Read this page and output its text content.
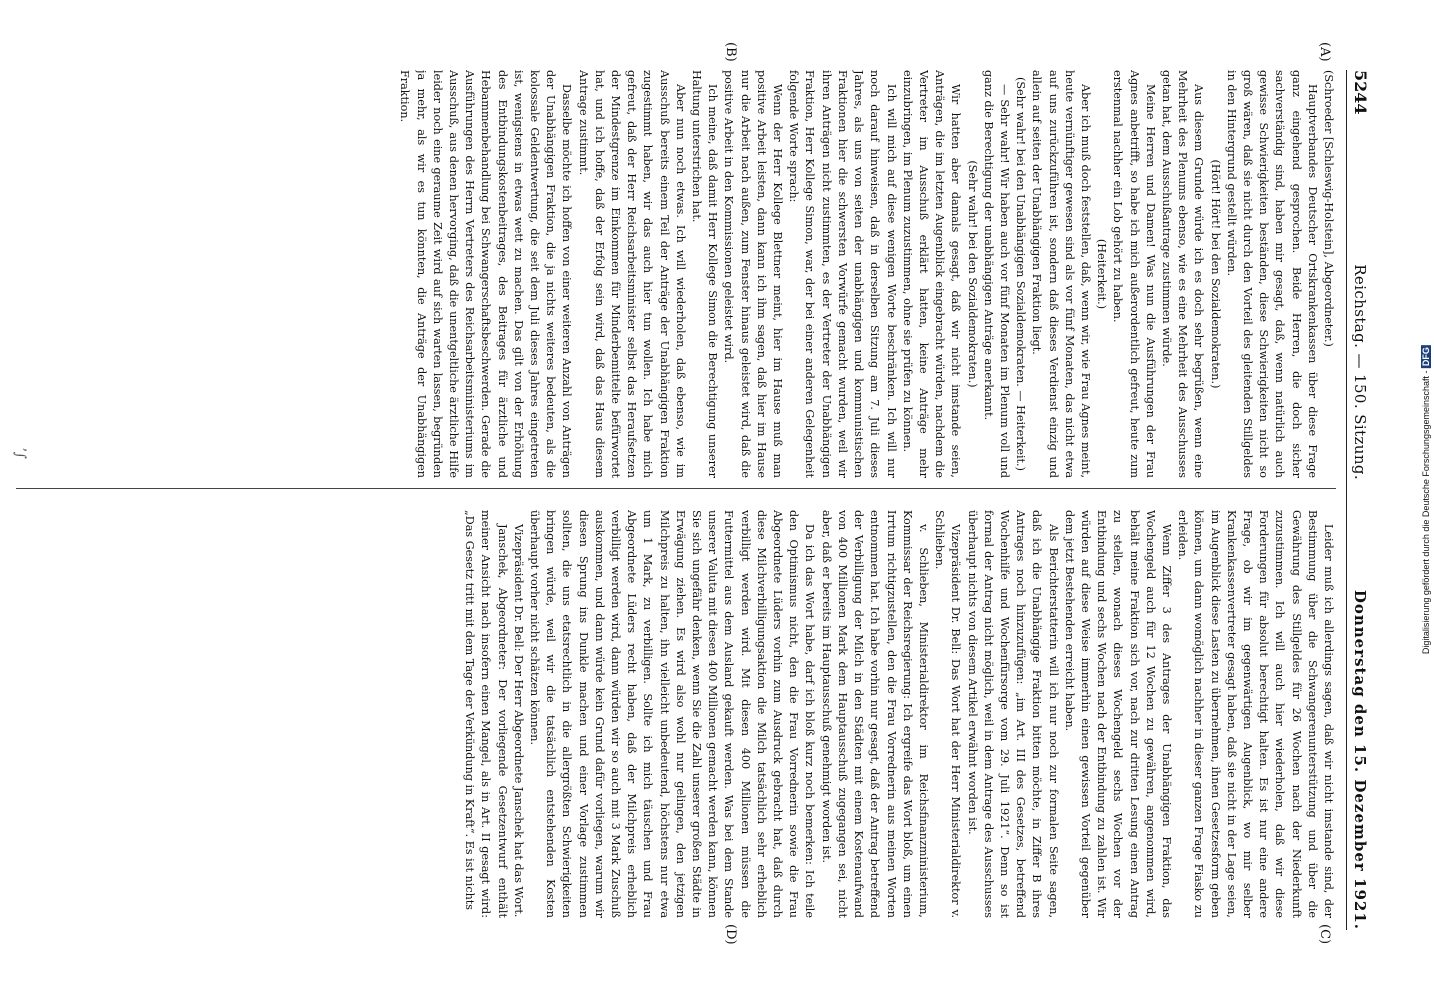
5244
Reichstag. — 150. Sitzung.
Donnerstag den 15. Dezember 1921.
(A)
(B)
(C)
(D)

(Schroeder [Schleswig-Holstein], Abgeordneter.)

Hauptverbandes Deutscher Ortskrankenkassen über diese Frage ganz eingehend gesprochen. Beide Herren, die doch sicher sachverständig sind, haben mir gesagt, daß, wenn natürlich auch gewisse Schwierigkeiten beständen, diese Schwierigkeiten nicht so groß wären, daß sie nicht durch den Vorteil des gleitenden Stillgeldes in den Hintergrund gestellt würden.

(Hört! Hört! bei den Sozialdemokraten.)

Aus diesem Grunde würde ich es doch sehr begrüßen, wenn eine Mehrheit des Plenums ebenso, wie es eine Mehrheit des Ausschusses getan hat, dem Ausschußantrage zustimmen würde.

Meine Herren und Damen! Was nun die Ausführungen der Frau Agnes anbetrifft, so habe ich mich außerordentlich gefreut, heute zum erstenmal nachher ein Lob gehört zu haben.

(Heiterkeit.)

Aber ich muß doch feststellen, daß, wenn wir, wie Frau Agnes meint, heute vernünftiger gewesen sind als vor fünf Monaten, das nicht etwa auf uns zurückzuführen ist, sondern daß dieses Verdienst einzig und allein auf seiten der Unabhängigen Fraktion liegt.

(Sehr wahr! bei den Unabhängigen Sozialdemokraten. — Heiterkeit.)

— Sehr wahr! Wir haben auch vor fünf Monaten im Plenum voll und ganz die Berechtigung der unabhängigen Anträge anerkannt.

(Sehr wahr! bei den Sozialdemokraten.)

Wir hatten aber damals gesagt, daß wir nicht imstande seien, Anträgen, die im letzten Augenblick eingebracht würden, nachdem die Vertreter im Ausschuß erklärt hatten, keine Anträge mehr einzubringen, im Plenum zuzustimmen, ohne sie prüfen zu können.

Ich will mich auf diese wenigen Worte beschränken. Ich will nur noch darauf hinweisen, daß in derselben Sitzung am 7. Juli dieses Jahres, als uns von seiten der unabhängigen und kommunistischen Fraktionen hier die schwersten Vorwürfe gemacht wurden, weil wir ihren Anträgen nicht zustimmten, es der Vertreter der Unabhängigen Fraktion, Herr Kollege Simon, war, der bei einer anderen Gelegenheit folgende Worte sprach:

Wenn der Herr Kollege Blettner meint, hier im Hause muß man positive Arbeit leisten, dann kann ich ihm sagen, daß hier im Hause nur die Arbeit nach außen, zum Fenster hinaus geleistet wird, daß die positive Arbeit in den Kommissionen geleistet wird.

Ich meine, daß damit Herr Kollege Simon die Berechtigung unserer Haltung unterstrichen hat.

Aber nun noch etwas. Ich will wiederholen, daß ebenso, wie im Ausschuß bereits einem Teil der Anträge der Unabhängigen Fraktion zugestimmt haben, wir das auch hier tun wollen. Ich habe mich gefreut, daß der Herr Reichsarbeitsminister selbst das Heraufsetzen der Mindestgrenze im Einkommen für Minderbemittelte befürwortet hat, und ich hoffe, daß der Erfolg sein wird, daß das Haus diesem Antrage zustimmt.

Dasselbe möchte ich hoffen von einer weiteren Anzahl von Anträgen der Unabhängigen Fraktion, die ja nichts weiteres bedeuten, als die kolossale Geldentwertung, die seit dem Juli dieses Jahres eingetreten ist, wenigstens in etwas wett zu machen. Das gilt von der Erhöhung des Entbindungskostenbeitrages, des Beitrages für ärztliche und Hebammenbehandlung bei Schwangerschaftsbeschwerden. Gerade die Ausführungen des Herrn Vertreters des Reichsarbeitsministeriums im Ausschuß, aus denen hervorging, daß die unentgeltliche ärztliche Hilfe leider noch eine geraume Zeit wird auf sich warten lassen, begründen ja mehr, als wir es tun könnten, die Anträge der Unabhängigen Fraktion.

Leider muß ich allerdings sagen, daß wir nicht imstande sind, der Bestimmung über die Schwangerenunterstützung und über die Gewährung des Stillgeldes für 26 Wochen nach der Niederkunft zuzustimmen. Ich will auch hier wiederholen, daß wir diese Forderungen für absolut berechtigt halten. Es ist nur eine andere Frage, ob wir im gegenwärtigen Augenblick, wo mir selber Krankenkassenvertreter gesagt haben, daß sie nicht in der Lage seien, im Augenblick diese Lasten zu übernehmen, ihnen Gesetzesform geben können, um dann womöglich nachher in dieser ganzen Frage Fiasko zu erleiden.

Wenn Ziffer 3 des Antrages der Unabhängigen Fraktion, das Wochengeld auch für 12 Wochen zu gewähren, angenommen wird, behält meine Fraktion sich vor, nach zur dritten Lesung einen Antrag zu stellen, wonach dieses Wochengeld sechs Wochen vor der Entbindung und sechs Wochen nach der Entbindung zu zahlen ist. Wir würden auf diese Weise immerhin einen gewissen Vorteil gegenüber dem jetzt Bestehenden erreicht haben.

Als Berichterstatterin will ich nur noch zur formalen Seite sagen, daß ich die Unabhängige Fraktion bitten möchte, in Ziffer B ihres Antrages noch hinzuzufügen: „im Art. III des Gesetzes, betreffend Wochenhilfe und Wochenfürsorge vom 29. Juli 1921“. Denn so ist formal der Antrag nicht möglich, weil in dem Antrage des Ausschusses überhaupt nichts von diesem Artikel erwähnt worden ist.

Vizepräsident Dr. Bell: Das Wort hat der Herr Ministerialdirektor v. Schlieben.

v. Schlieben, Ministerialdirektor im Reichsfinanzministerium, Kommissar der Reichsregierung: Ich ergreife das Wort bloß, um einen Irrtum richtigzustellen, den die Frau Vorrednerin aus meinen Worten entnommen hat. Ich habe vorhin nur gesagt, daß der Antrag betreffend der Verbilligung der Milch in den Städten mit einem Kostenaufwand von 400 Millionen Mark dem Hauptausschuß zugegangen sei, nicht aber, daß er bereits im Hauptausschuß genehmigt worden ist.

Da ich das Wort habe, darf ich bloß kurz noch bemerken: Ich teile den Optimismus nicht, den die Frau Vorrednerin sowie die Frau Abgeordnete Lüders vorhin zum Ausdruck gebracht hat, daß durch diese Milchverbilligungsaktion die Milch tatsächlich sehr erheblich verbilligt werden wird. Mit diesen 400 Millionen müssen die Futtermittel aus dem Ausland gekauft werden. Was bei dem Stande unserer Valuta mit diesen 400 Millionen gemacht werden kann, können Sie sich ungefähr denken, wenn Sie die Zahl unserer großen Städte in Erwägung ziehen. Es wird also wohl nur gelingen, den jetzigen Milchpreis zu halten, ihn vielleicht unbedeutend, höchstens nur etwa um 1 Mark, zu verbilligen. Sollte ich mich täuschen und Frau Abgeordnete Lüders recht haben, daß der Milchpreis erheblich verbilligt werden wird, dann würden wir so auch mit 3 Mark Zuschuß auskommen, und dann würde kein Grund dafür vorliegen, warum wir diesen Sprung ins Dunkle machen und einer Vorlage zustimmen sollten, die uns etatsrechtlich in die allergrößten Schwierigkeiten bringen würde, weil wir die tatsächlich entstehenden Kosten überhaupt vorher nicht schätzen können.

Vizepräsident Dr. Bell: Der Herr Abgeordnete Janschek hat das Wort.

Janschek, Abgeordneter: Der vorliegende Gesetzentwurf enthält meiner Ansicht nach insofern einen Mangel, als in Art. II gesagt wird: „Das Gesetz tritt mit dem Tage der Verkündung in Kraft“. Es ist nichts

ʼ∫	Digitalisierung gefördert durch die Deutsche Forschungsgemeinschaft - DFG
